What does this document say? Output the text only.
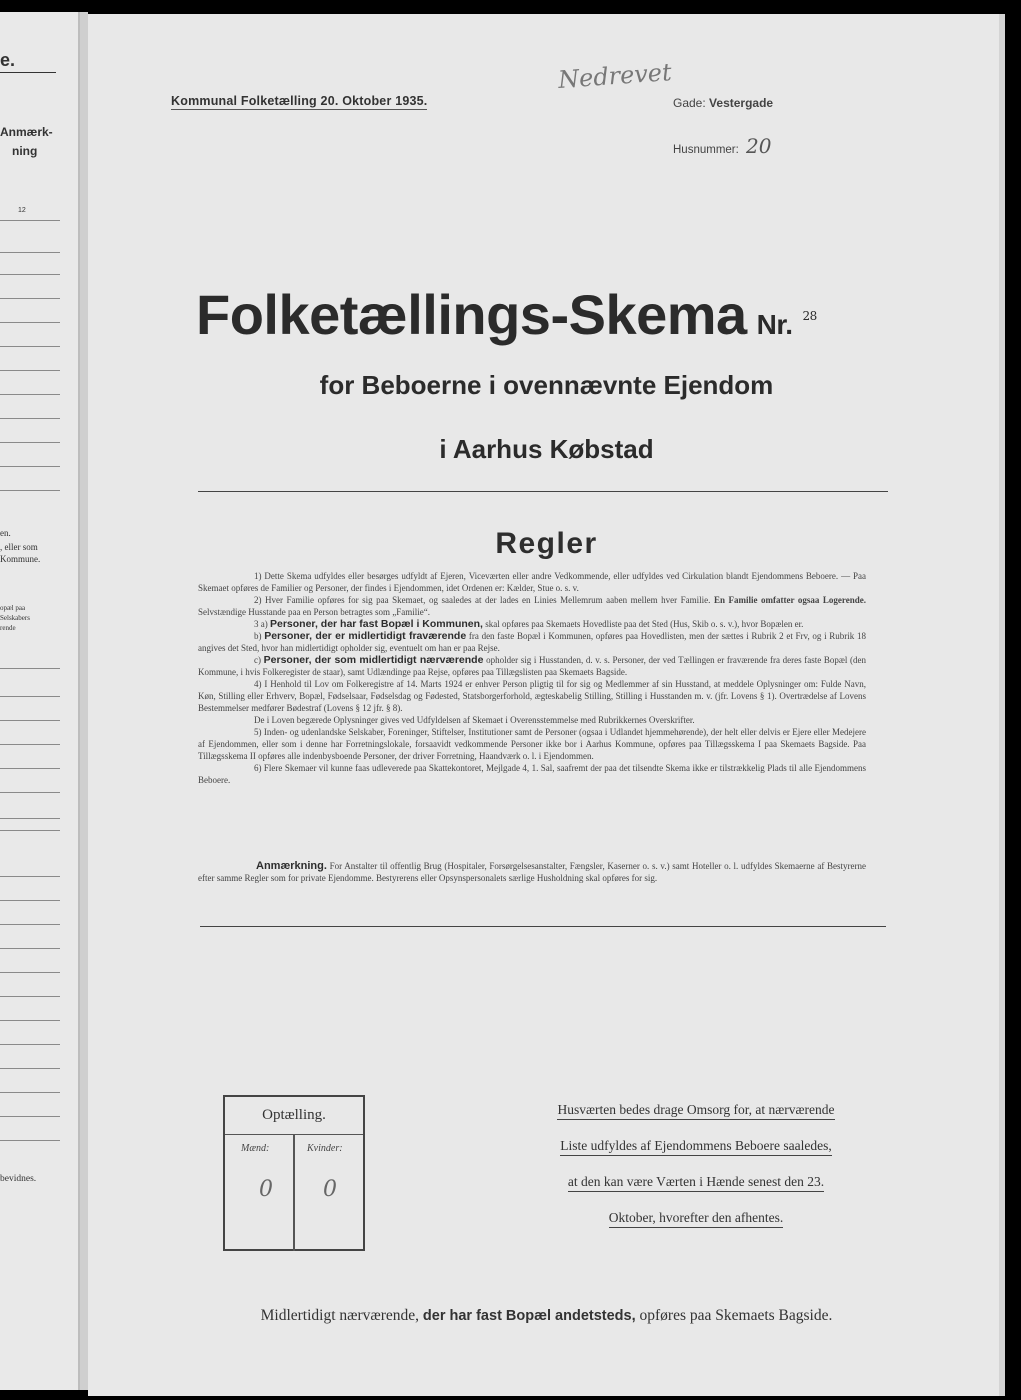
e.
Anmærk-
ning
12
en.
, eller som
Kommune.
opæl paa
Selskabers
rende
bevidnes.
Kommunal Folketælling 20. Oktober 1935.
Nedrevet
Gade: Vestergade
Husnummer: 20
Folketællings-Skema Nr. $^{28}$
for Beboerne i ovennævnte Ejendom
i Aarhus Købstad
Regler

1) Dette Skema udfyldes eller besørges udfyldt af Ejeren, Viceværten eller andre Vedkommende, eller udfyldes ved Cirkulation blandt Ejendommens Beboere. — Paa Skemaet opføres de Familier og Personer, der findes i Ejendommen, idet Ordenen er: Kælder, Stue o. s. v.

2) Hver Familie opføres for sig paa Skemaet, og saaledes at der lades en Linies Mellemrum aaben mellem hver Familie. En Familie omfatter ogsaa Logerende. Selvstændige Husstande paa en Person betragtes som „Familie“.

3 a) Personer, der har fast Bopæl i Kommunen, skal opføres paa Skemaets Hovedliste paa det Sted (Hus, Skib o. s. v.), hvor Bopælen er.

b) Personer, der er midlertidigt fraværende fra den faste Bopæl i Kommunen, opføres paa Hovedlisten, men der sættes i Rubrik 2 et Frv, og i Rubrik 18 angives det Sted, hvor han midlertidigt opholder sig, eventuelt om han er paa Rejse.

c) Personer, der som midlertidigt nærværende opholder sig i Husstanden, d. v. s. Personer, der ved Tællingen er fraværende fra deres faste Bopæl (den Kommune, i hvis Folkeregister de staar), samt Udlændinge paa Rejse, opføres paa Tillægslisten paa Skemaets Bagside.

4) I Henhold til Lov om Folkeregistre af 14. Marts 1924 er enhver Person pligtig til for sig og Medlemmer af sin Husstand, at meddele Oplysninger om: Fulde Navn, Køn, Stilling eller Erhverv, Bopæl, Fødselsaar, Fødselsdag og Fødested, Statsborgerforhold, ægteskabelig Stilling, Stilling i Husstanden m. v. (jfr. Lovens § 1). Overtrædelse af Lovens Bestemmelser medfører Bødestraf (Lovens § 12 jfr. § 8).

De i Loven begærede Oplysninger gives ved Udfyldelsen af Skemaet i Overensstemmelse med Rubrikkernes Overskrifter.

5) Inden- og udenlandske Selskaber, Foreninger, Stiftelser, Institutioner samt de Personer (ogsaa i Udlandet hjemmehørende), der helt eller delvis er Ejere eller Medejere af Ejendommen, eller som i denne har Forretningslokale, forsaavidt vedkommende Personer ikke bor i Aarhus Kommune, opføres paa Tillægsskema I paa Skemaets Bagside. Paa Tillægsskema II opføres alle indenbysboende Personer, der driver Forretning, Haandværk o. l. i Ejendommen.

6) Flere Skemaer vil kunne faas udleverede paa Skattekontoret, Mejlgade 4, 1. Sal, saafremt der paa det tilsendte Skema ikke er tilstrækkelig Plads til alle Ejendommens Beboere.

Anmærkning. For Anstalter til offentlig Brug (Hospitaler, Forsørgelsesanstalter, Fængsler, Kaserner o. s. v.) samt Hoteller o. l. udfyldes Skemaerne af Bestyrerne efter samme Regler som for private Ejendomme. Bestyrerens eller Opsynspersonalets særlige Husholdning skal opføres for sig.
Optælling.
Mænd:	Kvinder:
0 0
Husværten bedes drage Omsorg for, at nærværende
Liste udfyldes af Ejendommens Beboere saaledes,
at den kan være Værten i Hænde senest den 23.
Oktober, hvorefter den afhentes.
Midlertidigt nærværende, der har fast Bopæl andetsteds, opføres paa Skemaets Bagside.
